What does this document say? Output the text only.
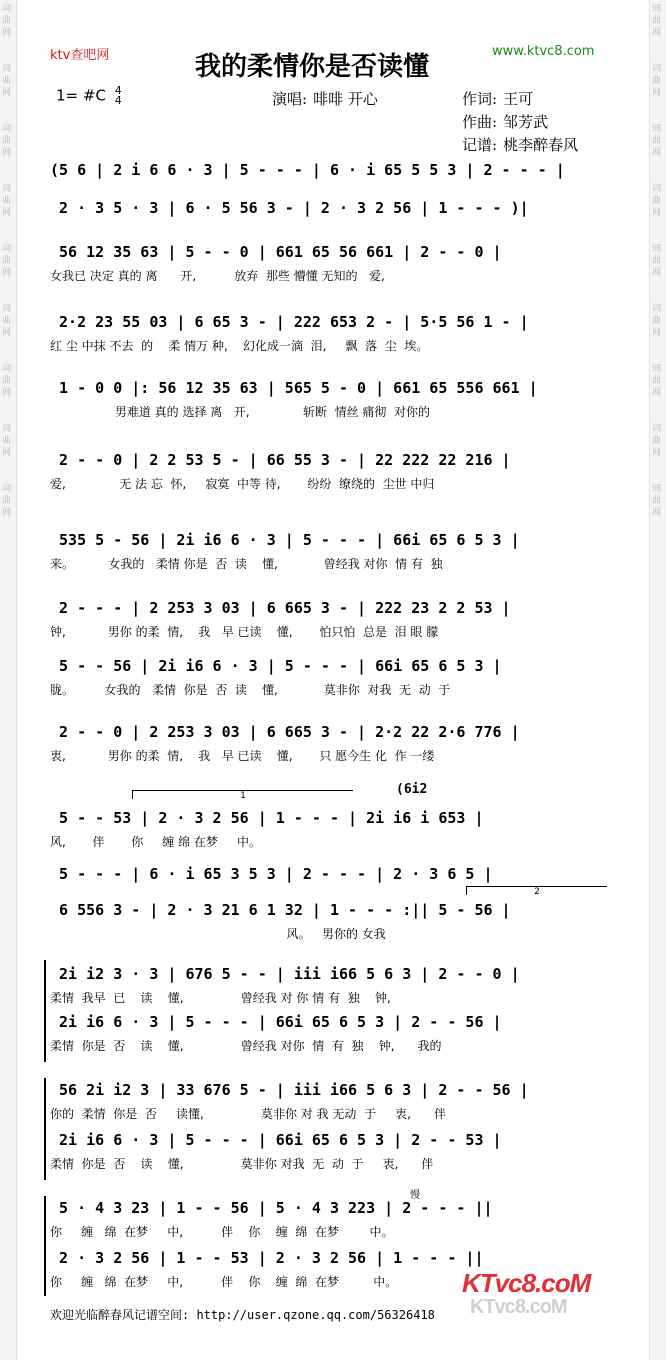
词
曲
网
词
曲
网
词
曲
网
词
曲
网
词
曲
网
词
曲
网
词
曲
网
词
曲
网
词
曲
网
词
曲
网
词
曲
网
词
曲
网
词
曲
网
词
曲
网
词
曲
网
词
曲
网
词
曲
网
词
曲
网
ktv查吧网	我的柔情你是否读懂
www.ktvc8.com
1= #C 4
4	演唱: 啡啡 开心	作词: 王可
作曲: 邹芳武
记谱: 桃李醉春风
(5 6 | 2 i 6 6 · 3 | 5 - - - | 6 · i 65 5 5 3 | 2 - - - |
2 · 3 5 · 3 | 6 · 5 56 3 - | 2 · 3 2 56 | 1 - - - )|
56 12 35 63 | 5 - - 0 | 661 65 56 661 | 2 - - 0 |
女我已 决定 真的 离      开,          放弃  那些 懵懂 无知的   爱,
2·2 23 55 03 | 6 65 3 - | 222 653 2 - | 5·5 56 1 - |
红 尘 中抹 不去  的    柔 情万 种,    幻化成一滴  泪,     飘  落  尘  埃。
1 - 0 0 |: 56 12 35 63 | 565 5 - 0 | 661 65 556 661 |
男难道 真的 选择 离   开,              斩断  情丝 痛彻  对你的
2 - - 0 | 2 2 53 5 - | 66 55 3 - | 22 222 22 216 |
爱,              无 法 忘  怀,     寂寞  中等 待,       纷纷  缭绕的  尘世 中归
535 5 - 56 | 2i i6 6 · 3 | 5 - - - | 66i 65 6 5 3 |
来。         女我的   柔情 你是  否  读    懂,            曾经我 对你  情 有  独
2 - - - | 2 253 3 03 | 6 665 3 - | 222 23 2 2 53 |
钟,           男你 的柔  情,    我   早 已读    懂,       怕只怕  总是  泪 眼 朦
5 - - 56 | 2i i6 6 · 3 | 5 - - - | 66i 65 6 5 3 |
胧。        女我的   柔情  你是  否  读    懂,            莫非你  对我  无  动  于
2 - - 0 | 2 253 3 03 | 6 665 3 - | 2·2 22 2·6 776 |
衷,           男你 的柔  情,    我   早 已读    懂,       只 愿今生 化  作 一缕
5 - - 53 | 2 · 3 2 56 | 1 - - - | 2i i6 i 653 |
风,       伴       你     缠 绵 在梦     中。
5 - - - | 6 · i 65 3 5 3 | 2 - - - | 2 · 3 6 5 |
6 556 3 - | 2 · 3 21 6 1 32 | 1 - - - :|| 5 - 56 |
风。   男你的 女我
2i i2 3 · 3 | 676 5 - - | iii i66 5 6 3 | 2 - - 0 |
柔情  我早  已    读    懂,               曾经我 对 你 情 有  独    钟,
2i i6 6 · 3 | 5 - - - | 66i 65 6 5 3 | 2 - - 56 |
柔情  你是  否    读    懂,               曾经我 对你  情  有  独    钟,      我的
56 2i i2 3 | 33 676 5 - | iii i66 5 6 3 | 2 - - 56 |
你的  柔情  你是  否     读懂,               莫非你 对 我 无动  于     衷,      伴
2i i6 6 · 3 | 5 - - - | 66i 65 6 5 3 | 2 - - 53 |
柔情  你是  否    读    懂,               莫非你 对我  无  动  于     衷,      伴
5 · 4 3 23 | 1 - - 56 | 5 · 4 3 223 | 2 - - - ||
你     缠   绵  在梦     中,          伴    你    缠  绵  在梦        中。
2 · 3 2 56 | 1 - - 53 | 2 · 3 2 56 | 1 - - - ||
你     缠   绵  在梦     中,          伴    你    缠  绵  在梦         中。
1
2
(6i2
慢
欢迎光临醉春风记谱空间: http://user.qzone.qq.com/56326418
KTvc8.coM
KTvc8.coM
